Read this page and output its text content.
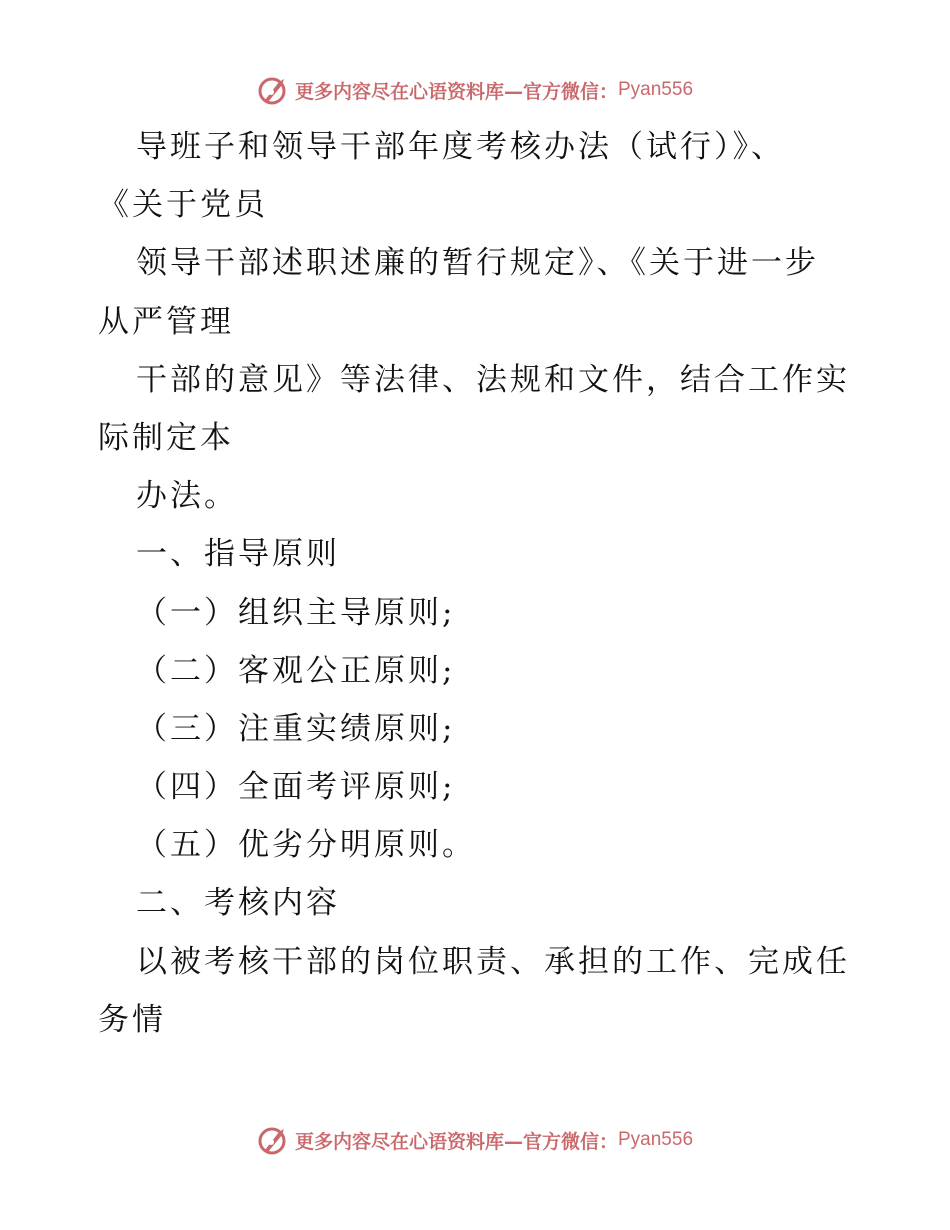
更多内容尽在心语资料库—官方微信： Pyan556
导班子和领导干部年度考核办法（试行）》、
《关于党员
领导干部述职述廉的暂行规定》、《关于进一步
从严管理
干部的意见》等法律、法规和文件，结合工作实
际制定本
办法。
一、指导原则
（一）组织主导原则;
（二）客观公正原则;
（三）注重实绩原则;
（四）全面考评原则;
（五）优劣分明原则。
二、考核内容
以被考核干部的岗位职责、承担的工作、完成任
务情
更多内容尽在心语资料库—官方微信： Pyan556
